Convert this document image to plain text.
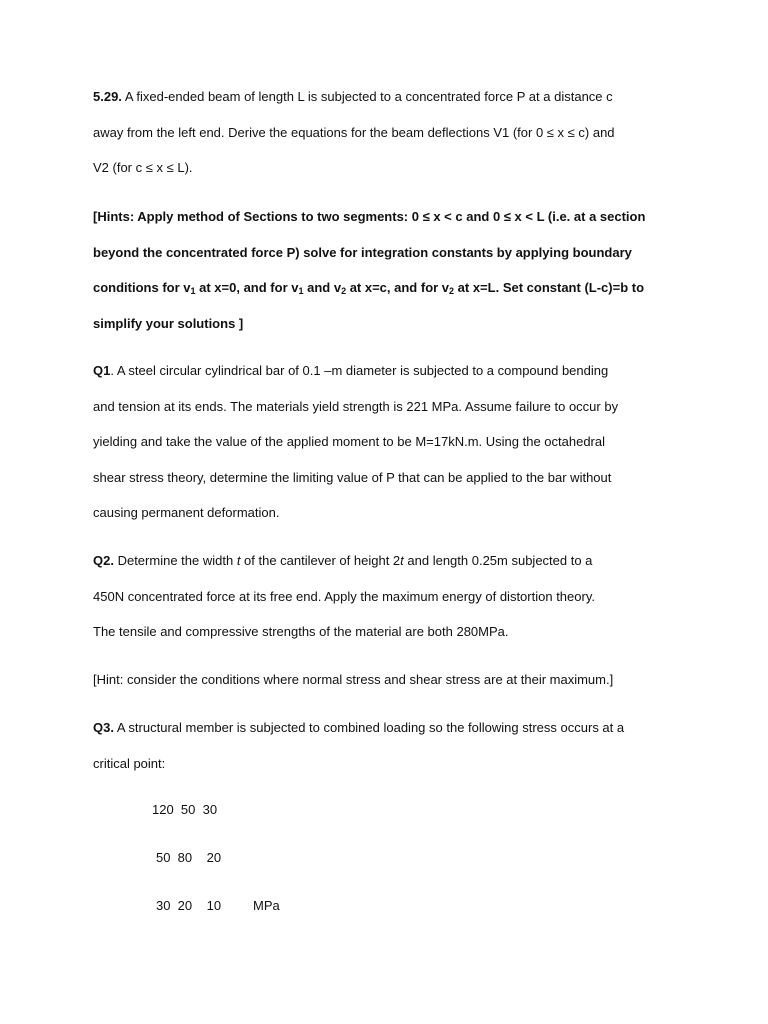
5.29. A fixed-ended beam of length L is subjected to a concentrated force P at a distance c
away from the left end. Derive the equations for the beam deflections V1 (for 0 ≤ x ≤ c) and
V2 (for c ≤ x ≤ L).

[Hints: Apply method of Sections to two segments: 0 ≤ x < c and 0 ≤ x < L (i.e. at a section
beyond the concentrated force P) solve for integration constants by applying boundary
conditions for $v_1$ at x=0, and for $v_1$ and $v_2$ at x=c, and for $v_2$ at x=L. Set constant (L-c)=b to
simplify your solutions ]

Q1. A steel circular cylindrical bar of 0.1 –m diameter is subjected to a compound bending
and tension at its ends. The materials yield strength is 221 MPa. Assume failure to occur by
yielding and take the value of the applied moment to be M=17kN.m. Using the octahedral
shear stress theory, determine the limiting value of P that can be applied to the bar without
causing permanent deformation.

Q2. Determine the width t of the cantilever of height 2t and length 0.25m subjected to a
450N concentrated force at its free end. Apply the maximum energy of distortion theory.
The tensile and compressive strengths of the material are both 280MPa.

[Hint: consider the conditions where normal stress and shear stress are at their maximum.]

Q3. A structural member is subjected to combined loading so the following stress occurs at a
critical point:

120  50  30
50  80    20
30  20    10 MPa
